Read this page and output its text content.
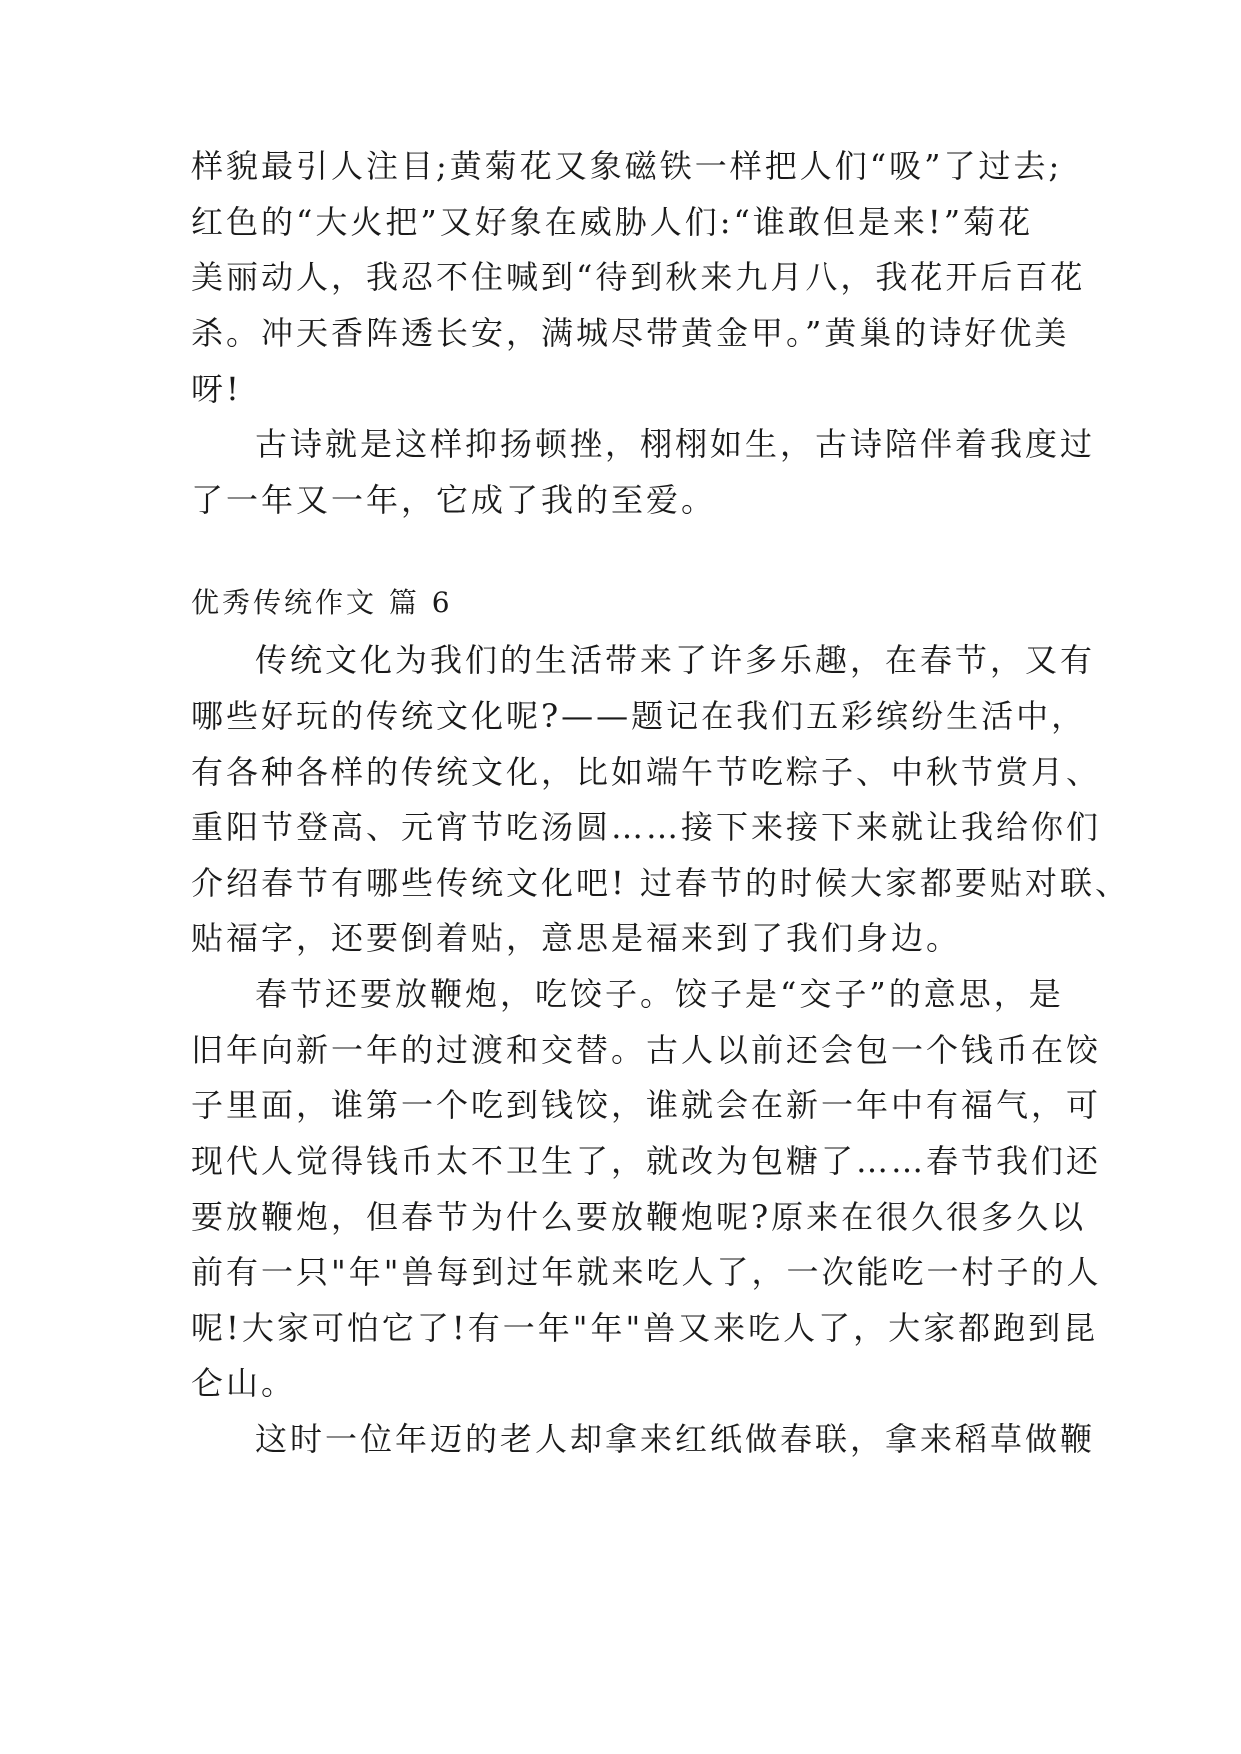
样貌最引人注目;黄菊花又象磁铁一样把人们“吸”了过去;
红色的“大火把”又好象在威胁人们:“谁敢但是来!”菊花
美丽动人，我忍不住喊到“待到秋来九月八，我花开后百花
杀。冲天香阵透长安，满城尽带黄金甲。”黄巢的诗好优美
呀!
古诗就是这样抑扬顿挫，栩栩如生，古诗陪伴着我度过
了一年又一年，它成了我的至爱。
优秀传统作文 篇 6
传统文化为我们的生活带来了许多乐趣，在春节，又有
哪些好玩的传统文化呢?——题记在我们五彩缤纷生活中，
有各种各样的传统文化，比如端午节吃粽子、中秋节赏月、
重阳节登高、元宵节吃汤圆……接下来接下来就让我给你们
介绍春节有哪些传统文化吧! 过春节的时候大家都要贴对联、
贴福字，还要倒着贴，意思是福来到了我们身边。
春节还要放鞭炮，吃饺子。饺子是“交子”的意思，是
旧年向新一年的过渡和交替。古人以前还会包一个钱币在饺
子里面，谁第一个吃到钱饺，谁就会在新一年中有福气，可
现代人觉得钱币太不卫生了，就改为包糖了……春节我们还
要放鞭炮，但春节为什么要放鞭炮呢?原来在很久很多久以
前有一只"年"兽每到过年就来吃人了，一次能吃一村子的人
呢!大家可怕它了!有一年"年"兽又来吃人了，大家都跑到昆
仑山。
这时一位年迈的老人却拿来红纸做春联，拿来稻草做鞭
